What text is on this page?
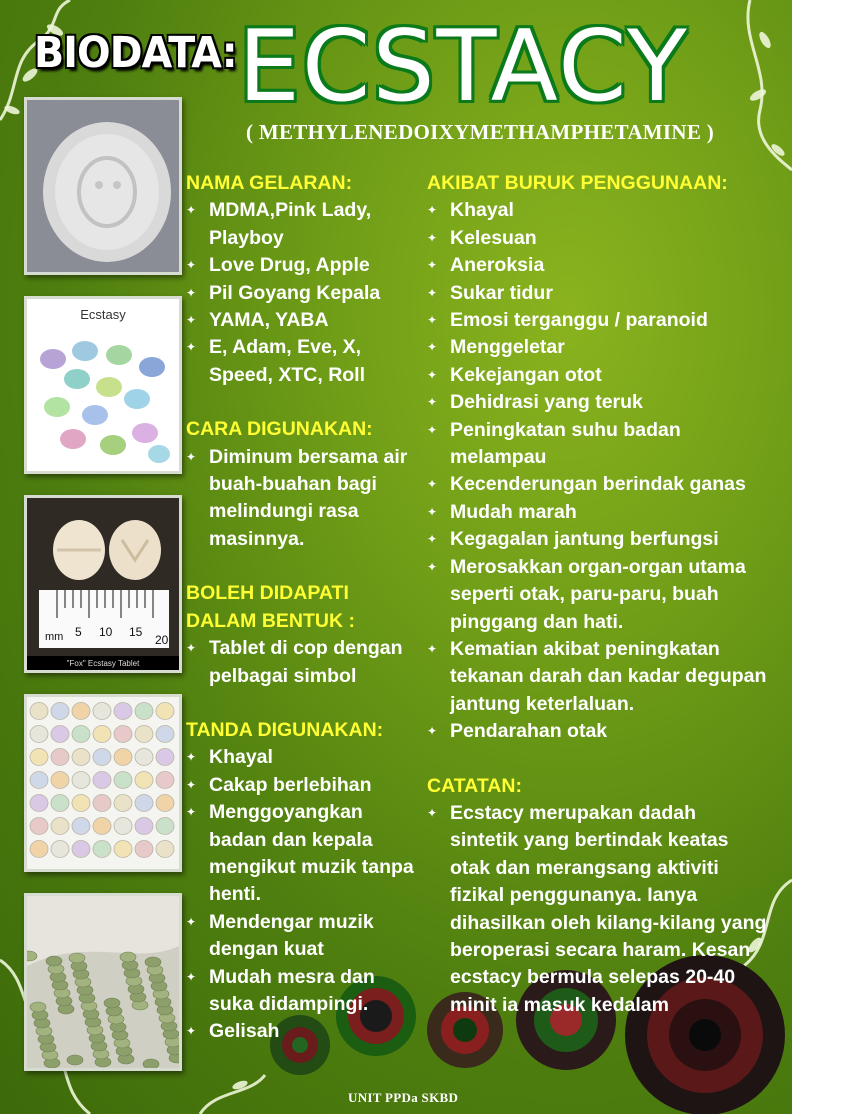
BIODATA: ECSTACY
( METHYLENEDOIXYMETHAMPHETAMINE )
Ecstasy
mm 5 10 15
20
"Fox" Ecstasy Tablet
NAMA GELARAN:
✦ MDMA,Pink Lady, Playboy
✦ Love Drug, Apple
✦ Pil Goyang Kepala
✦ YAMA, YABA
✦ E, Adam, Eve, X, Speed, XTC, Roll
CARA DIGUNAKAN:
✦ Diminum bersama air buah-buahan bagi melindungi rasa masinnya.
BOLEH DIDAPATI DALAM BENTUK :
✦ Tablet di cop dengan pelbagai simbol
TANDA DIGUNAKAN:
✦ Khayal
✦ Cakap berlebihan
✦ Menggoyangkan badan dan kepala mengikut muzik tanpa henti.
✦ Mendengar muzik dengan kuat
✦ Mudah mesra dan suka didampingi.
✦ Gelisah
AKIBAT BURUK PENGGUNAAN:
✦ Khayal
✦ Kelesuan
✦ Aneroksia
✦ Sukar tidur
✦ Emosi terganggu / paranoid
✦ Menggeletar
✦ Kekejangan otot
✦ Dehidrasi yang teruk
✦ Peningkatan suhu badan melampau
✦ Kecenderungan berindak ganas
✦ Mudah marah
✦ Kegagalan jantung berfungsi
✦ Merosakkan organ-organ utama seperti otak, paru-paru, buah pinggang dan hati.
✦ Kematian akibat peningkatan tekanan darah dan kadar degupan jantung keterlaluan.
✦ Pendarahan otak
CATATAN:
✦ Ecstacy merupakan dadah sintetik yang bertindak keatas otak dan merangsang aktiviti fizikal penggunanya. Ianya dihasilkan oleh kilang-kilang yang beroperasi secara haram. Kesan ecstacy bermula selepas 20-40 minit ia masuk kedalam
UNIT PPDa SKBD
